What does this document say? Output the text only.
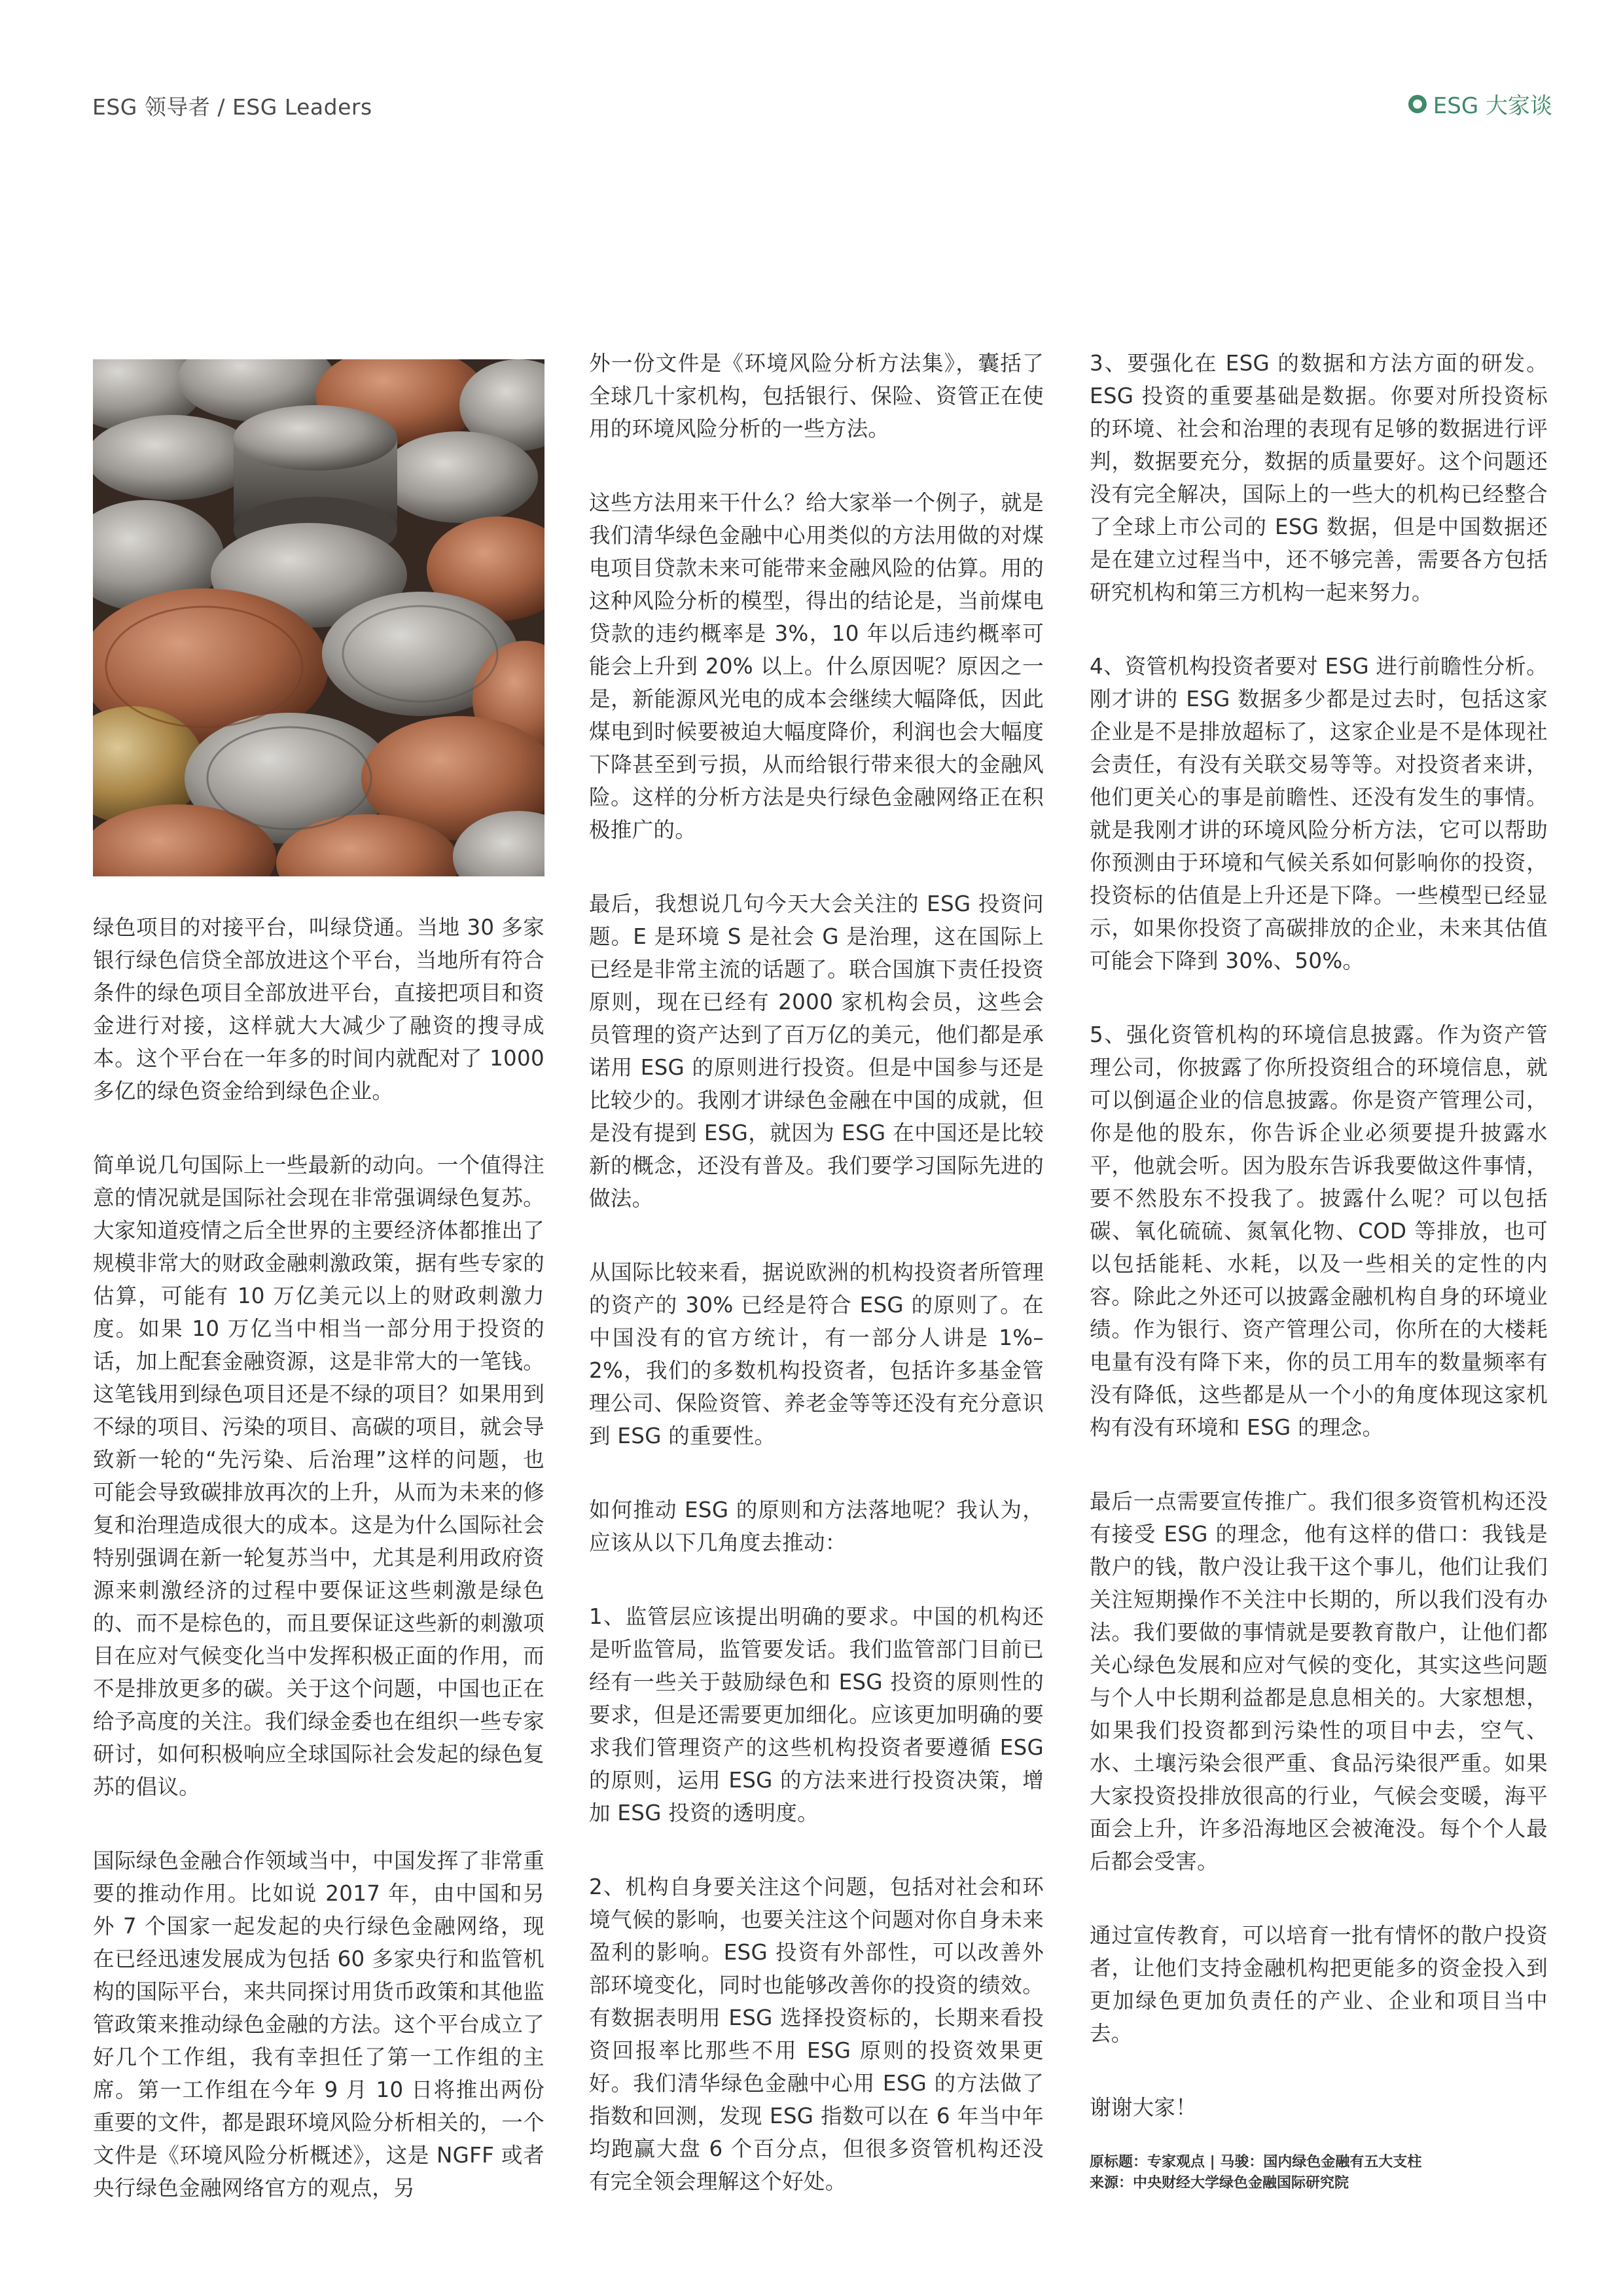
ESG 领导者 / ESG Leaders	ESG 大家谈

绿色项目的对接平台，叫绿贷通。当地 30 多家银行绿色信贷全部放进这个平台，当地所有符合条件的绿色项目全部放进平台，直接把项目和资金进行对接，这样就大大减少了融资的搜寻成本。这个平台在一年多的时间内就配对了 1000 多亿的绿色资金给到绿色企业。

简单说几句国际上一些最新的动向。一个值得注意的情况就是国际社会现在非常强调绿色复苏。大家知道疫情之后全世界的主要经济体都推出了规模非常大的财政金融刺激政策，据有些专家的估算，可能有 10 万亿美元以上的财政刺激力度。如果 10 万亿当中相当一部分用于投资的话，加上配套金融资源，这是非常大的一笔钱。这笔钱用到绿色项目还是不绿的项目？如果用到不绿的项目、污染的项目、高碳的项目，就会导致新一轮的“先污染、后治理”这样的问题，也可能会导致碳排放再次的上升，从而为未来的修复和治理造成很大的成本。这是为什么国际社会特别强调在新一轮复苏当中，尤其是利用政府资源来刺激经济的过程中要保证这些刺激是绿色的、而不是棕色的，而且要保证这些新的刺激项目在应对气候变化当中发挥积极正面的作用，而不是排放更多的碳。关于这个问题，中国也正在给予高度的关注。我们绿金委也在组织一些专家研讨，如何积极响应全球国际社会发起的绿色复苏的倡议。

国际绿色金融合作领域当中，中国发挥了非常重要的推动作用。比如说 2017 年，由中国和另外 7 个国家一起发起的央行绿色金融网络，现在已经迅速发展成为包括 60 多家央行和监管机构的国际平台，来共同探讨用货币政策和其他监管政策来推动绿色金融的方法。这个平台成立了好几个工作组，我有幸担任了第一工作组的主席。第一工作组在今年 9 月 10 日将推出两份重要的文件，都是跟环境风险分析相关的，一个文件是《环境风险分析概述》，这是 NGFF 或者央行绿色金融网络官方的观点，另

外一份文件是《环境风险分析方法集》，囊括了全球几十家机构，包括银行、保险、资管正在使用的环境风险分析的一些方法。

这些方法用来干什么？给大家举一个例子，就是我们清华绿色金融中心用类似的方法用做的对煤电项目贷款未来可能带来金融风险的估算。用的这种风险分析的模型，得出的结论是，当前煤电贷款的违约概率是 3%，10 年以后违约概率可能会上升到 20% 以上。什么原因呢？原因之一是，新能源风光电的成本会继续大幅降低，因此煤电到时候要被迫大幅度降价，利润也会大幅度下降甚至到亏损，从而给银行带来很大的金融风险。这样的分析方法是央行绿色金融网络正在积极推广的。

最后，我想说几句今天大会关注的 ESG 投资问题。E 是环境 S 是社会 G 是治理，这在国际上已经是非常主流的话题了。联合国旗下责任投资原则，现在已经有 2000 家机构会员，这些会员管理的资产达到了百万亿的美元，他们都是承诺用 ESG 的原则进行投资。但是中国参与还是比较少的。我刚才讲绿色金融在中国的成就，但是没有提到 ESG，就因为 ESG 在中国还是比较新的概念，还没有普及。我们要学习国际先进的做法。

从国际比较来看，据说欧洲的机构投资者所管理的资产的 30% 已经是符合 ESG 的原则了。在中国没有的官方统计，有一部分人讲是 1%–2%，我们的多数机构投资者，包括许多基金管理公司、保险资管、养老金等等还没有充分意识到 ESG 的重要性。

如何推动 ESG 的原则和方法落地呢？我认为，应该从以下几角度去推动：

1、监管层应该提出明确的要求。中国的机构还是听监管局，监管要发话。我们监管部门目前已经有一些关于鼓励绿色和 ESG 投资的原则性的要求，但是还需要更加细化。应该更加明确的要求我们管理资产的这些机构投资者要遵循 ESG 的原则，运用 ESG 的方法来进行投资决策，增加 ESG 投资的透明度。

2、机构自身要关注这个问题，包括对社会和环境气候的影响，也要关注这个问题对你自身未来盈利的影响。ESG 投资有外部性，可以改善外部环境变化，同时也能够改善你的投资的绩效。有数据表明用 ESG 选择投资标的，长期来看投资回报率比那些不用 ESG 原则的投资效果更好。我们清华绿色金融中心用 ESG 的方法做了指数和回测，发现 ESG 指数可以在 6 年当中年均跑赢大盘 6 个百分点，但很多资管机构还没有完全领会理解这个好处。

3、要强化在 ESG 的数据和方法方面的研发。ESG 投资的重要基础是数据。你要对所投资标的环境、社会和治理的表现有足够的数据进行评判，数据要充分，数据的质量要好。这个问题还没有完全解决，国际上的一些大的机构已经整合了全球上市公司的 ESG 数据，但是中国数据还是在建立过程当中，还不够完善，需要各方包括研究机构和第三方机构一起来努力。

4、资管机构投资者要对 ESG 进行前瞻性分析。刚才讲的 ESG 数据多少都是过去时，包括这家企业是不是排放超标了，这家企业是不是体现社会责任，有没有关联交易等等。对投资者来讲，他们更关心的事是前瞻性、还没有发生的事情。就是我刚才讲的环境风险分析方法，它可以帮助你预测由于环境和气候关系如何影响你的投资，投资标的估值是上升还是下降。一些模型已经显示，如果你投资了高碳排放的企业，未来其估值可能会下降到 30%、50%。

5、强化资管机构的环境信息披露。作为资产管理公司，你披露了你所投资组合的环境信息，就可以倒逼企业的信息披露。你是资产管理公司，你是他的股东，你告诉企业必须要提升披露水平，他就会听。因为股东告诉我要做这件事情，要不然股东不投我了。披露什么呢？可以包括碳、氧化硫硫、氮氧化物、COD 等排放，也可以包括能耗、水耗，以及一些相关的定性的内容。除此之外还可以披露金融机构自身的环境业绩。作为银行、资产管理公司，你所在的大楼耗电量有没有降下来，你的员工用车的数量频率有没有降低，这些都是从一个小的角度体现这家机构有没有环境和 ESG 的理念。

最后一点需要宣传推广。我们很多资管机构还没有接受 ESG 的理念，他有这样的借口：我钱是散户的钱，散户没让我干这个事儿，他们让我们关注短期操作不关注中长期的，所以我们没有办法。我们要做的事情就是要教育散户，让他们都关心绿色发展和应对气候的变化，其实这些问题与个人中长期利益都是息息相关的。大家想想，如果我们投资都到污染性的项目中去，空气、水、土壤污染会很严重、食品污染很严重。如果大家投资投排放很高的行业，气候会变暖，海平面会上升，许多沿海地区会被淹没。每个个人最后都会受害。

通过宣传教育，可以培育一批有情怀的散户投资者，让他们支持金融机构把更能多的资金投入到更加绿色更加负责任的产业、企业和项目当中去。

谢谢大家！

原标题：专家观点 | 马骏：国内绿色金融有五大支柱
来源：中央财经大学绿色金融国际研究院
